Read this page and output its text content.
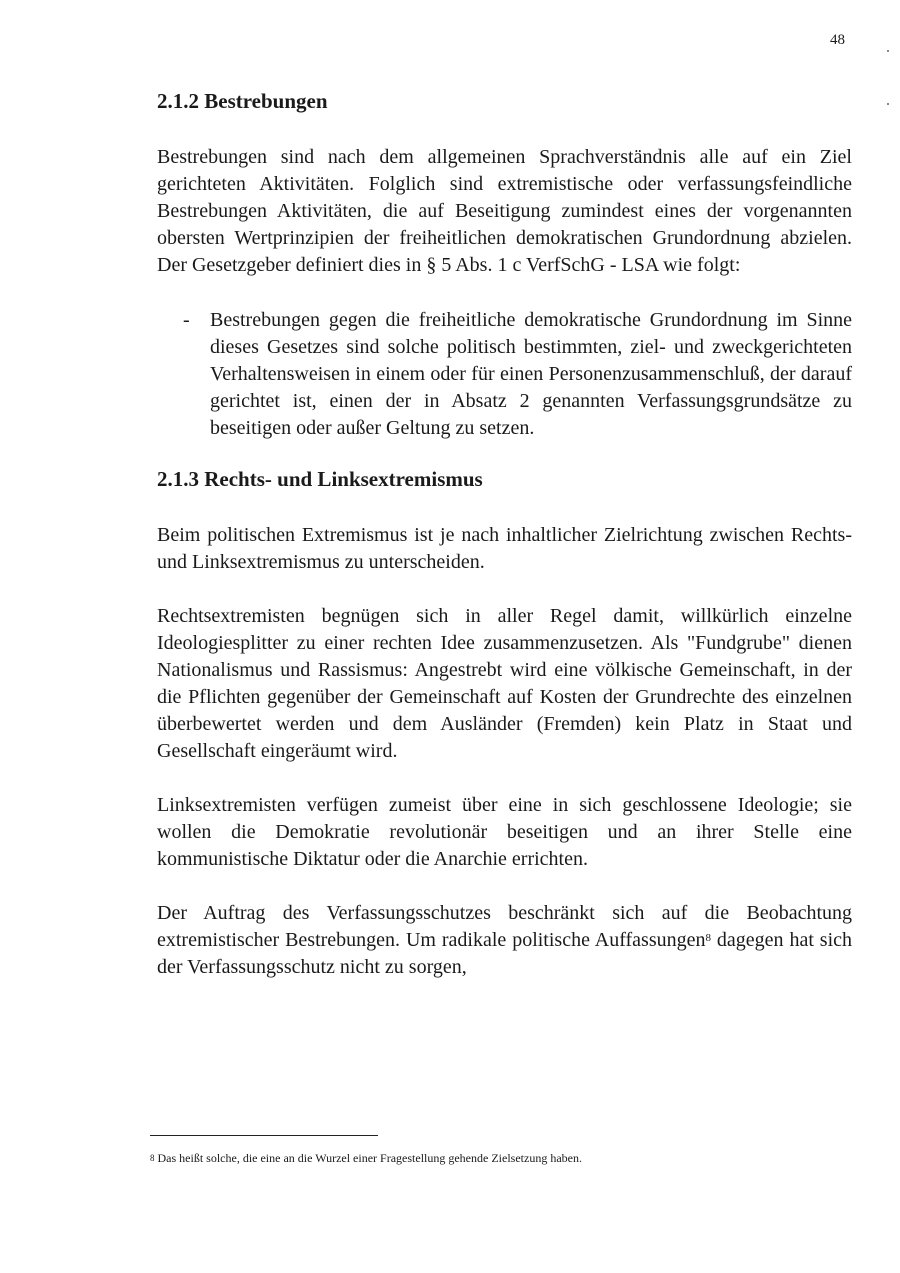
48
2.1.2 Bestrebungen

Bestrebungen sind nach dem allgemeinen Sprachverständnis alle auf ein Ziel gerichteten Aktivitäten. Folglich sind extremistische oder verfassungsfeindliche Bestrebungen Aktivitäten, die auf Beseitigung zumindest eines der vorgenannten obersten Wertprinzipien der freiheitlichen demokratischen Grundordnung abzielen. Der Gesetzgeber definiert dies in § 5 Abs. 1 c VerfSchG - LSA wie folgt:

-	Bestrebungen gegen die freiheitliche demokratische Grundordnung im Sinne dieses Gesetzes sind solche politisch bestimmten, ziel- und zweckgerichteten Verhaltensweisen in einem oder für einen Personenzusammenschluß, der darauf gerichtet ist, einen der in Absatz 2 genannten Verfassungsgrundsätze zu beseitigen oder außer Geltung zu setzen.

2.1.3 Rechts- und Linksextremismus

Beim politischen Extremismus ist je nach inhaltlicher Zielrichtung zwischen Rechts- und Linksextremismus zu unterscheiden.

Rechtsextremisten begnügen sich in aller Regel damit, willkürlich einzelne Ideologiesplitter zu einer rechten Idee zusammenzusetzen. Als "Fundgrube" dienen Nationalismus und Rassismus: Angestrebt wird eine völkische Gemeinschaft, in der die Pflichten gegenüber der Gemeinschaft auf Kosten der Grundrechte des einzelnen überbewertet werden und dem Ausländer (Fremden) kein Platz in Staat und Gesellschaft eingeräumt wird.

Linksextremisten verfügen zumeist über eine in sich geschlossene Ideologie; sie wollen die Demokratie revolutionär beseitigen und an ihrer Stelle eine kommunistische Diktatur oder die Anarchie errichten.

Der Auftrag des Verfassungsschutzes beschränkt sich auf die Beobachtung extremistischer Bestrebungen. Um radikale politische Auffassungen$^8$ dagegen hat sich der Verfassungsschutz nicht zu sorgen,

$^8$ Das heißt solche, die eine an die Wurzel einer Fragestellung gehende Zielsetzung haben.
